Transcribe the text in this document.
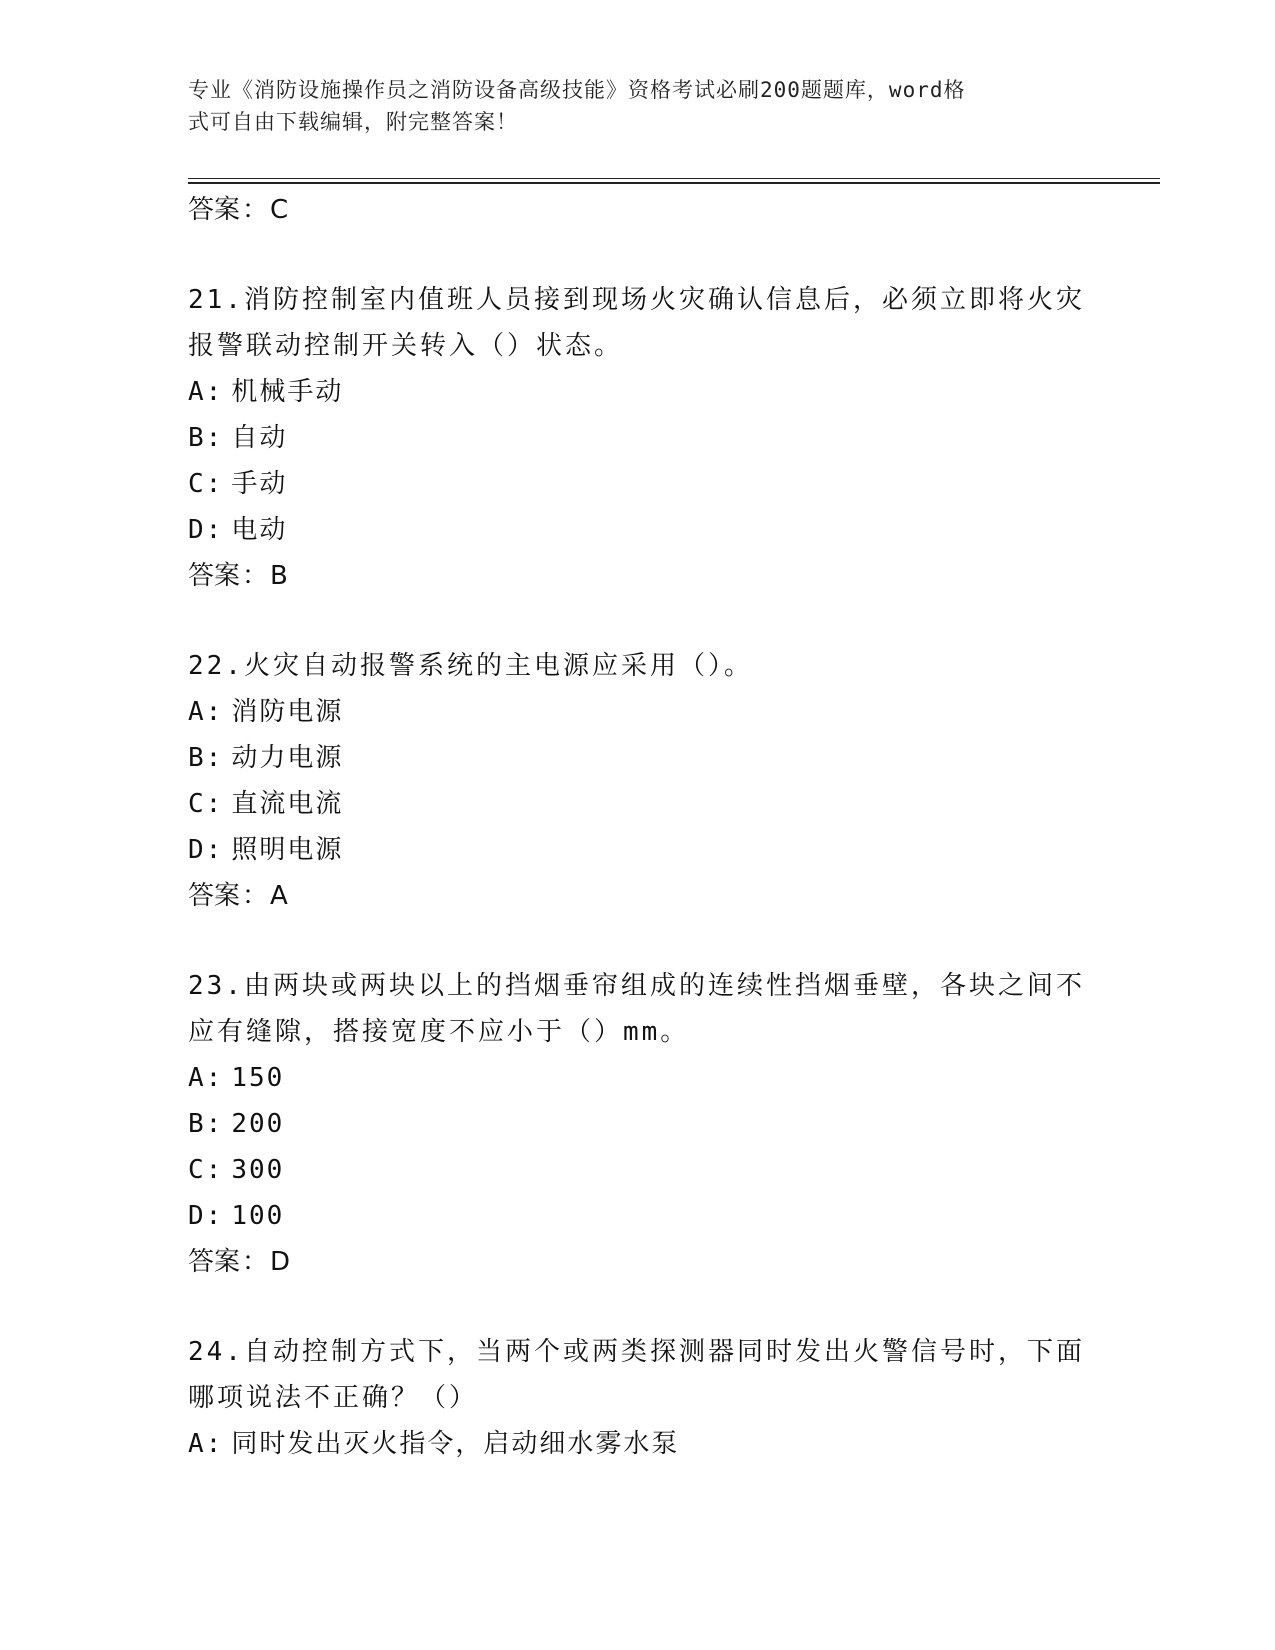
专业《消防设施操作员之消防设备高级技能》资格考试必刷200题题库，word格
式可自由下载编辑，附完整答案！
答案：C
21.消防控制室内值班人员接到现场火灾确认信息后，必须立即将火灾
报警联动控制开关转入（）状态。
A: 机械手动
B: 自动
C: 手动
D: 电动
答案：B
22.火灾自动报警系统的主电源应采用（）。
A: 消防电源
B: 动力电源
C: 直流电流
D: 照明电源
答案：A
23.由两块或两块以上的挡烟垂帘组成的连续性挡烟垂壁，各块之间不
应有缝隙，搭接宽度不应小于（）mm。
A: 150
B: 200
C: 300
D: 100
答案：D
24.自动控制方式下，当两个或两类探测器同时发出火警信号时，下面
哪项说法不正确？（）
A: 同时发出灭火指令，启动细水雾水泵
